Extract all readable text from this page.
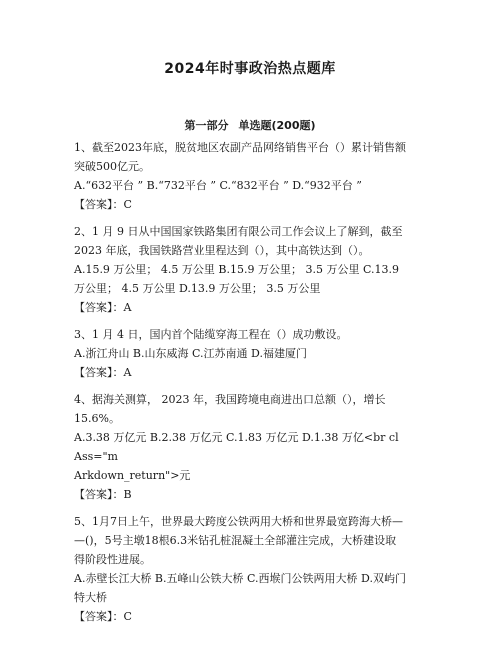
2024年时事政治热点题库
第一部分 单选题(200题)
1、截至2023年底，脱贫地区农副产品网络销售平台（）累计销售额
突破500亿元。
A.“632平台 ” B.“732平台 ” C.“832平台 ” D.“932平台 ”
【答案】：C
2、1 月 9 日从中国国家铁路集团有限公司工作会议上了解到，截至
2023 年底，我国铁路营业里程达到（），其中高铁达到（）。
A.15.9 万公里； 4.5 万公里 B.15.9 万公里； 3.5 万公里 C.13.9
万公里； 4.5 万公里 D.13.9 万公里； 3.5 万公里
【答案】：A
3、1 月 4 日，国内首个陆缆穿海工程在（）成功敷设。
A.浙江舟山 B.山东威海 C.江苏南通 D.福建厦门
【答案】：A
4、据海关测算， 2023 年，我国跨境电商进出口总额（），增长
15.6%。
A.3.38 万亿元 B.2.38 万亿元 C.1.83 万亿元 D.1.38 万亿<br cl
Ass="m
Arkdown_return">元
【答案】：B
5、1月7日上午，世界最大跨度公铁两用大桥和世界最宽跨海大桥—
—()，5号主墩18根6.3米钻孔桩混凝土全部灌注完成，大桥建设取
得阶段性进展。
A.赤壁长江大桥 B.五峰山公铁大桥 C.西堠门公铁两用大桥 D.双屿门
特大桥
【答案】：C
